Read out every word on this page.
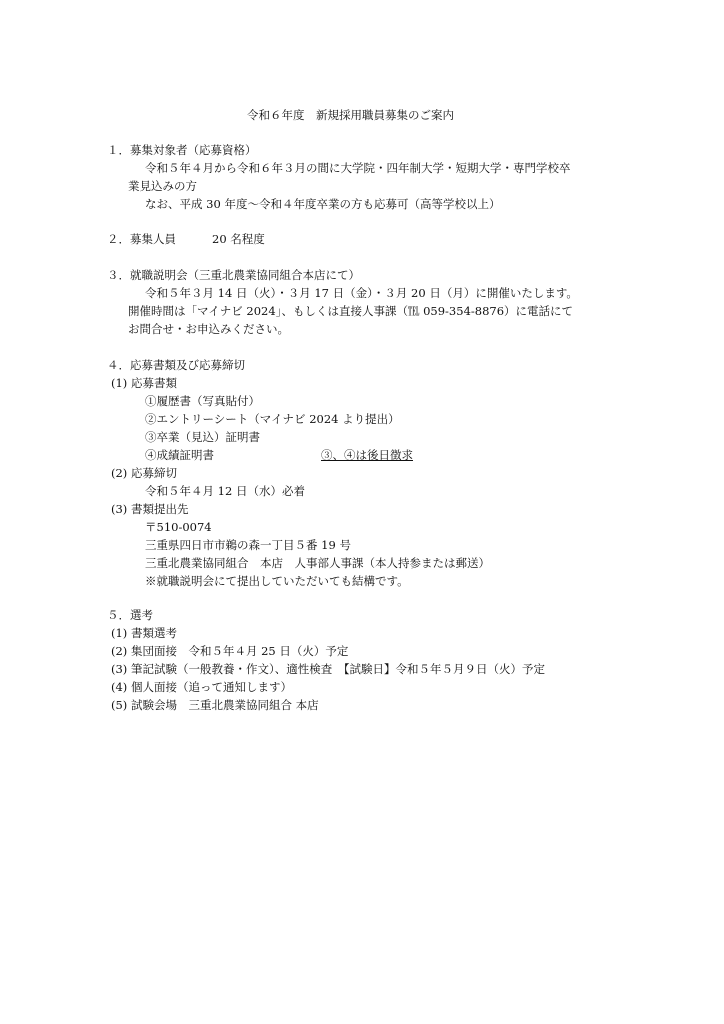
令和６年度　新規採用職員募集のご案内
１．募集対象者（応募資格）
令和５年４月から令和６年３月の間に大学院・四年制大学・短期大学・専門学校卒
業見込みの方
なお、平成 30 年度～令和４年度卒業の方も応募可（高等学校以上）
２．募集人員	20 名程度
３．就職説明会（三重北農業協同組合本店にて）
令和５年３月 14 日（火）・３月 17 日（金）・３月 20 日（月）に開催いたします。
開催時間は「マイナビ 2024」、もしくは直接人事課（℡ 059‐354‐8876）に電話にて
お問合せ・お申込みください。
４．応募書類及び応募締切
(1) 応募書類
①履歴書（写真貼付）
②エントリーシート（マイナビ 2024 より提出）
③卒業（見込）証明書
④成績証明書	③、④は後日徴求
(2) 応募締切
令和５年４月 12 日（水）必着
(3) 書類提出先
〒510-0074
三重県四日市市鵜の森一丁目５番 19 号
三重北農業協同組合　本店　人事部人事課（本人持参または郵送）
※就職説明会にて提出していただいても結構です。
５．選考
(1) 書類選考
(2) 集団面接　令和５年４月 25 日（火）予定
(3) 筆記試験（一般教養・作文）、適性検査　【試験日】令和５年５月９日（火）予定
(4) 個人面接（追って通知します）
(5) 試験会場　三重北農業協同組合 本店
